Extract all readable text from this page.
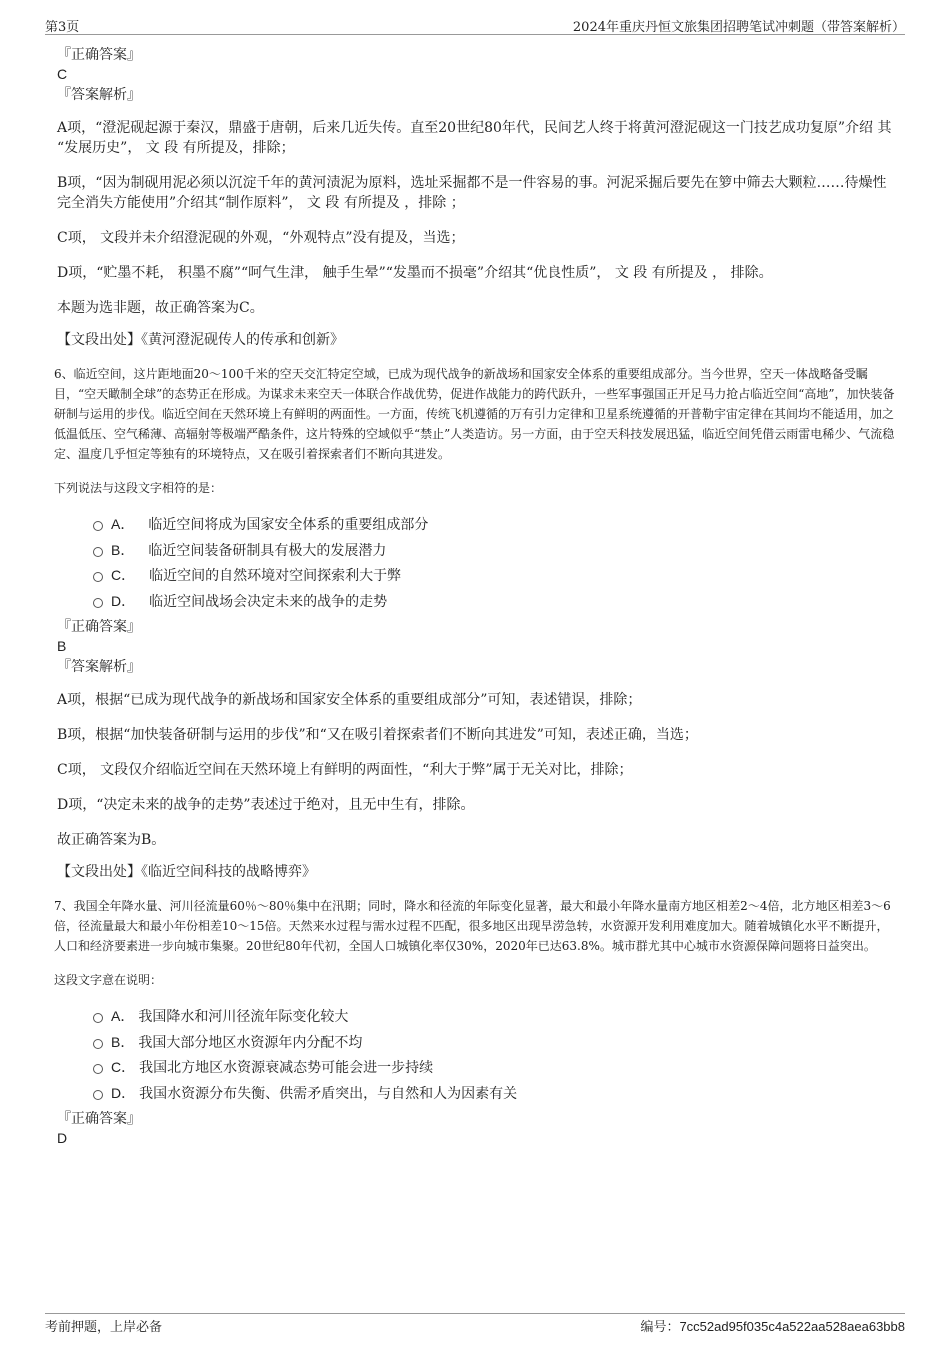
第3页	2024年重庆丹恒文旅集团招聘笔试冲刺题（带答案解析）

『正确答案』

C

『答案解析』

A项，“澄泥砚起源于秦汉，鼎盛于唐朝，后来几近失传。直至20世纪80年代，民间艺人终于将黄河澄泥砚这一门技艺成功复原”介绍 其 “发展历史”， 文 段 有所提及，排除；

B项，“因为制砚用泥必须以沉淀千年的黄河渍泥为原料，选址采掘都不是一件容易的事。河泥采掘后要先在箩中筛去大颗粒……待燥性完全消失方能使用”介绍其“制作原料”， 文 段 有所提及 ，排除 ；

C项， 文段并未介绍澄泥砚的外观，“外观特点”没有提及，当选；

D项，“贮墨不耗， 积墨不腐”“呵气生津， 触手生晕”“发墨而不损毫”介绍其“优良性质”， 文 段 有所提及 ， 排除。

本题为选非题，故正确答案为C。

【文段出处】《黄河澄泥砚传人的传承和创新》

6、临近空间，这片距地面20～100千米的空天交汇特定空域，已成为现代战争的新战场和国家安全体系的重要组成部分。当今世界，空天一体战略备受瞩目，“空天瞰制全球”的态势正在形成。为谋求未来空天一体联合作战优势，促进作战能力的跨代跃升，一些军事强国正开足马力抢占临近空间“高地”，加快装备研制与运用的步伐。临近空间在天然环境上有鲜明的两面性。一方面，传统飞机遵循的万有引力定律和卫星系统遵循的开普勒宇宙定律在其间均不能适用，加之低温低压、空气稀薄、高辐射等极端严酷条件，这片特殊的空域似乎“禁止”人类造访。另一方面，由于空天科技发展迅猛，临近空间凭借云雨雷电稀少、气流稳定、温度几乎恒定等独有的环境特点，又在吸引着探索者们不断向其进发。

下列说法与这段文字相符的是：

A． 临近空间将成为国家安全体系的重要组成部分
B． 临近空间装备研制具有极大的发展潜力
C． 临近空间的自然环境对空间探索利大于弊
D． 临近空间战场会决定未来的战争的走势

『正确答案』

B

『答案解析』

A项，根据“已成为现代战争的新战场和国家安全体系的重要组成部分”可知，表述错误，排除；

B项，根据“加快装备研制与运用的步伐”和“又在吸引着探索者们不断向其进发”可知，表述正确，当选；

C项， 文段仅介绍临近空间在天然环境上有鲜明的两面性，“利大于弊”属于无关对比，排除；

D项，“决定未来的战争的走势”表述过于绝对，且无中生有，排除。

故正确答案为B。

【文段出处】《临近空间科技的战略博弈》

7、我国全年降水量、河川径流量60％～80％集中在汛期；同时，降水和径流的年际变化显著，最大和最小年降水量南方地区相差2～4倍，北方地区相差3～6倍，径流量最大和最小年份相差10～15倍。天然来水过程与需水过程不匹配，很多地区出现旱涝急转，水资源开发利用难度加大。随着城镇化水平不断提升，人口和经济要素进一步向城市集聚。20世纪80年代初，全国人口城镇化率仅30%，2020年已达63.8%。城市群尤其中心城市水资源保障问题将日益突出。

这段文字意在说明：

A． 我国降水和河川径流年际变化较大
B． 我国大部分地区水资源年内分配不均
C． 我国北方地区水资源衰减态势可能会进一步持续
D． 我国水资源分布失衡、供需矛盾突出，与自然和人为因素有关

『正确答案』

D

考前押题，上岸必备	编号：7cc52ad95f035c4a522aa528aea63bb8
